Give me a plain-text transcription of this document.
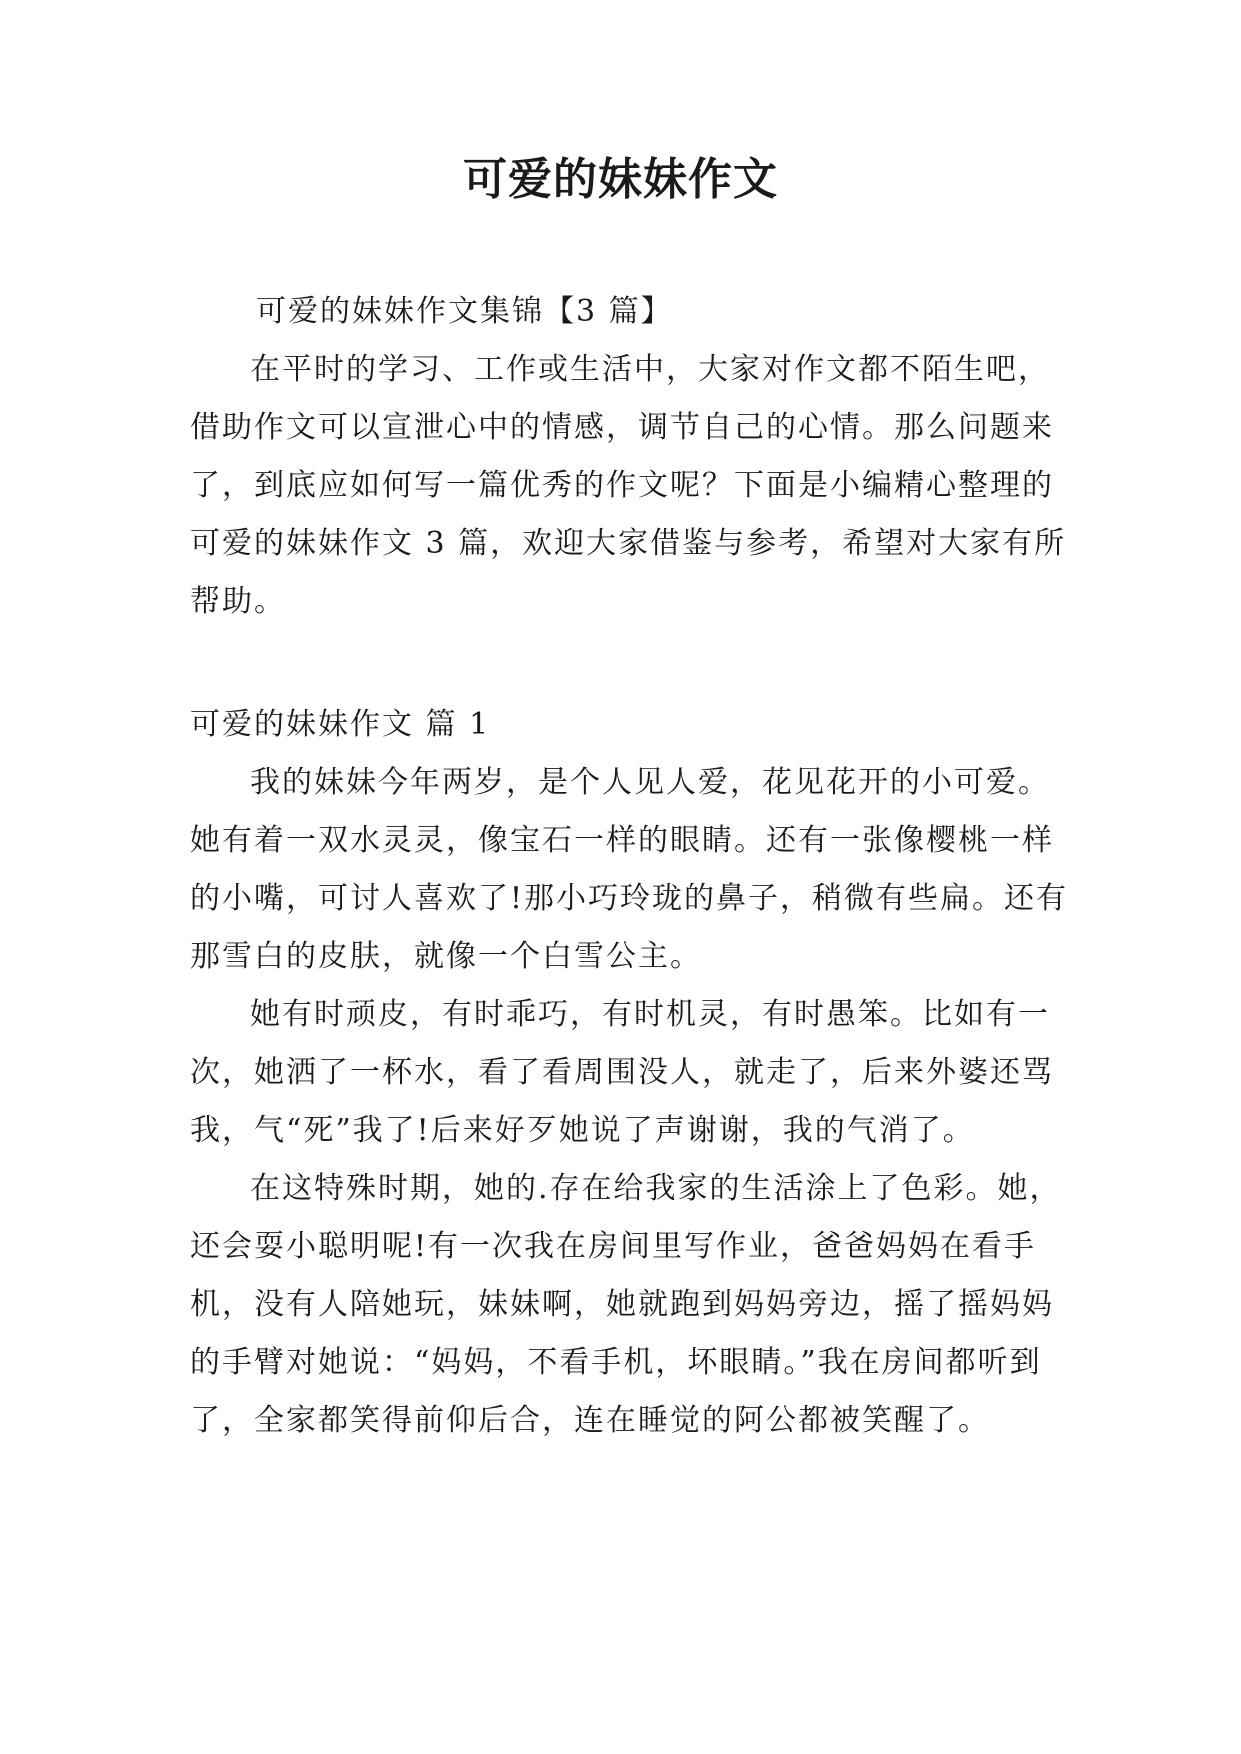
可爱的妹妹作文

可爱的妹妹作文集锦【3 篇】

在平时的学习、工作或生活中，大家对作文都不陌生吧，借助作文可以宣泄心中的情感，调节自己的心情。那么问题来了，到底应如何写一篇优秀的作文呢？下面是小编精心整理的可爱的妹妹作文 3 篇，欢迎大家借鉴与参考，希望对大家有所帮助。

可爱的妹妹作文 篇 1

我的妹妹今年两岁，是个人见人爱，花见花开的小可爱。她有着一双水灵灵，像宝石一样的眼睛。还有一张像樱桃一样的小嘴，可讨人喜欢了!那小巧玲珑的鼻子，稍微有些扁。还有那雪白的皮肤，就像一个白雪公主。

她有时顽皮，有时乖巧，有时机灵，有时愚笨。比如有一次，她洒了一杯水，看了看周围没人，就走了，后来外婆还骂我，气“死”我了!后来好歹她说了声谢谢，我的气消了。

在这特殊时期，她的.存在给我家的生活涂上了色彩。她，还会耍小聪明呢!有一次我在房间里写作业，爸爸妈妈在看手机，没有人陪她玩，妹妹啊，她就跑到妈妈旁边，摇了摇妈妈的手臂对她说：“妈妈，不看手机，坏眼睛。”我在房间都听到了，全家都笑得前仰后合，连在睡觉的阿公都被笑醒了。
